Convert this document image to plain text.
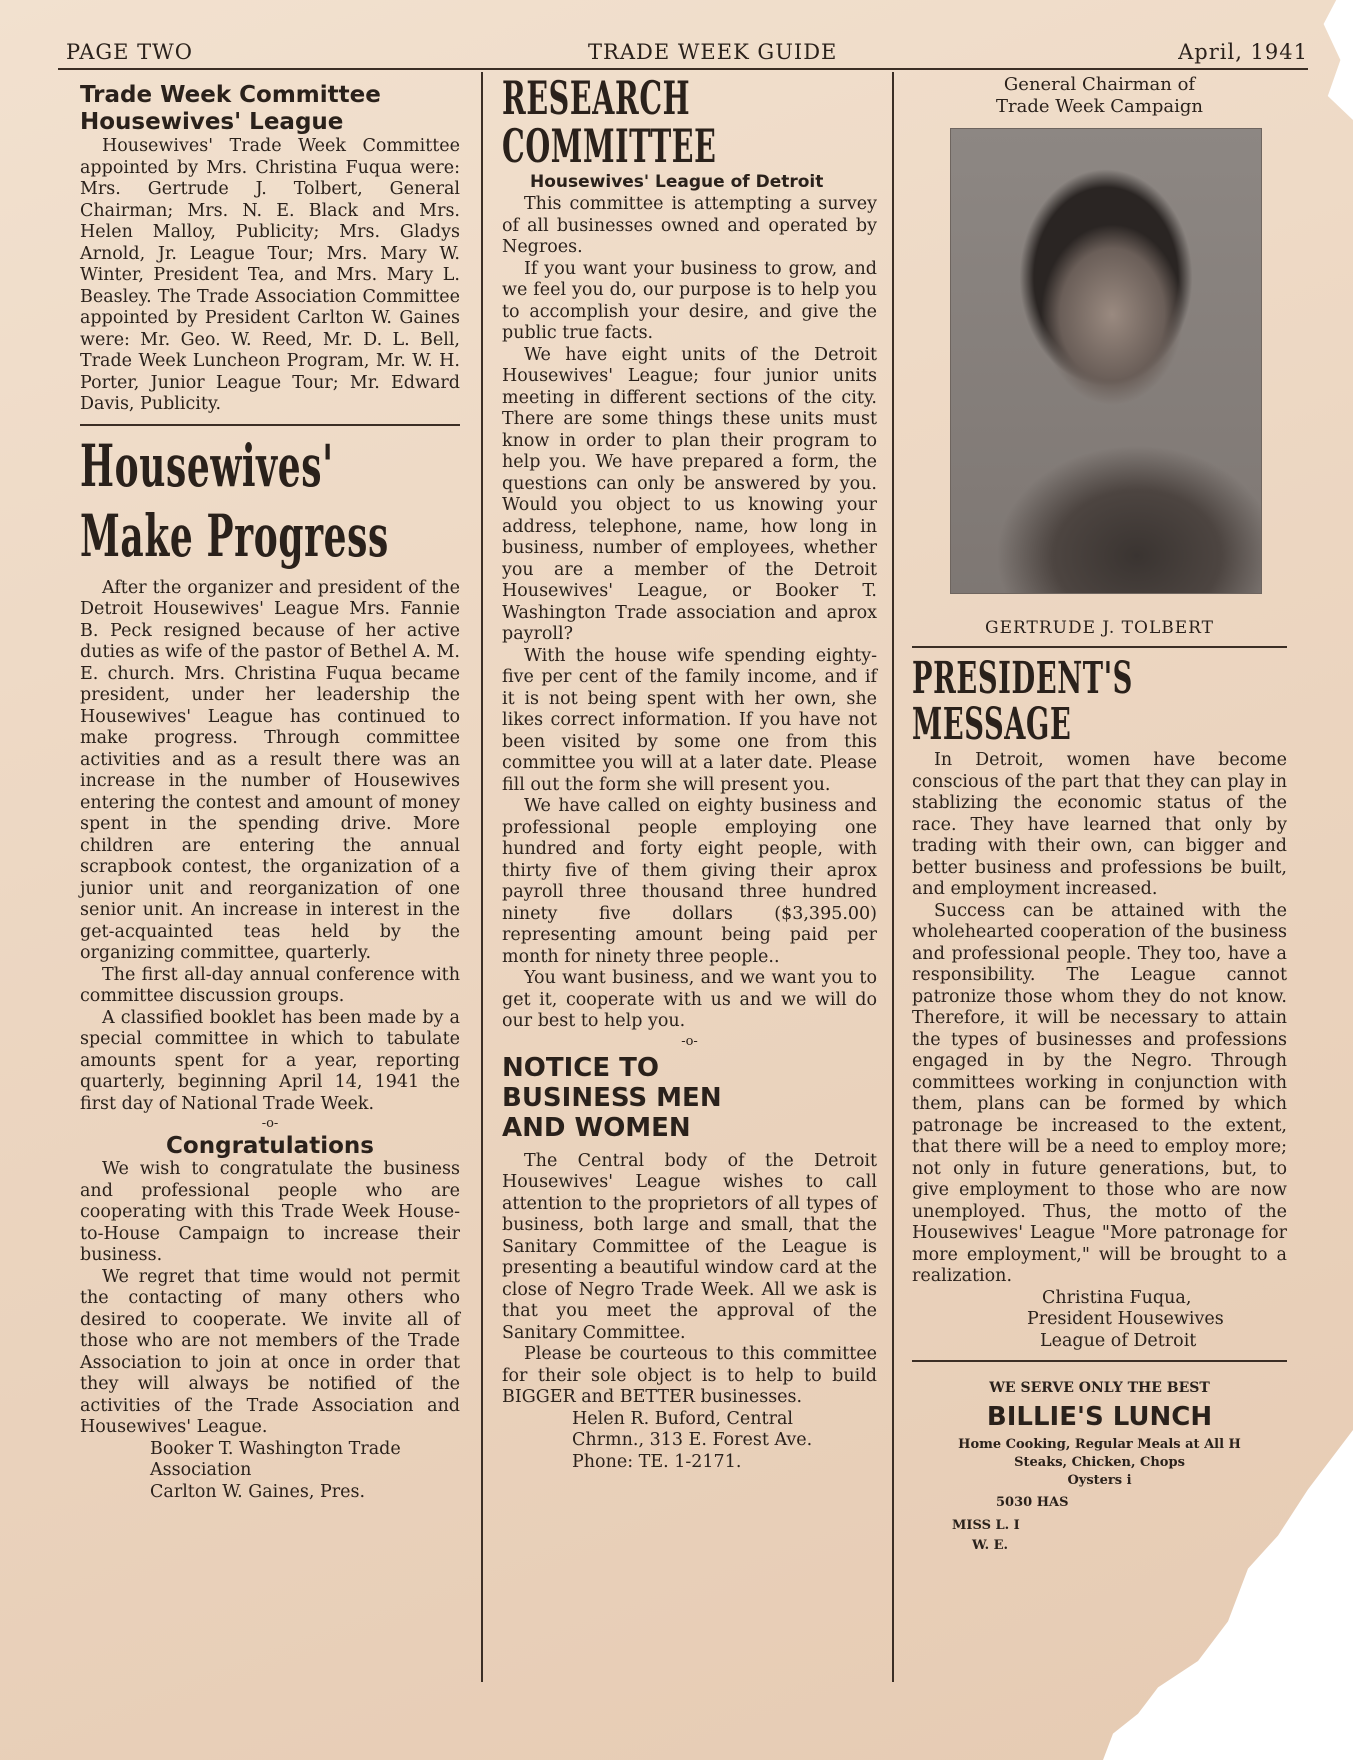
PAGE TWO	TRADE WEEK GUIDE	April, 1941
Trade Week Committee
Housewives' League

Housewives' Trade Week Committee appointed by Mrs. Christina Fuqua were: Mrs. Gertrude J. Tolbert, General Chairman; Mrs. N. E. Black and Mrs. Helen Malloy, Publicity; Mrs. Gladys Arnold, Jr. League Tour; Mrs. Mary W. Winter, President Tea, and Mrs. Mary L. Beasley. The Trade Association Committee appointed by President Carlton W. Gaines were: Mr. Geo. W. Reed, Mr. D. L. Bell, Trade Week Luncheon Program, Mr. W. H. Porter, Junior League Tour; Mr. Edward Davis, Publicity.

Housewives'
Make Progress

After the organizer and president of the Detroit Housewives' League Mrs. Fannie B. Peck resigned because of her active duties as wife of the pastor of Bethel A. M. E. church. Mrs. Christina Fuqua became president, under her leadership the Housewives' League has continued to make progress. Through committee activities and as a result there was an increase in the number of Housewives entering the contest and amount of money spent in the spending drive. More children are entering the annual scrapbook contest, the organization of a junior unit and reorganization of one senior unit. An increase in interest in the get-acquainted teas held by the organizing committee, quarterly.

The first all-day annual conference with committee discussion groups.

A classified booklet has been made by a special committee in which to tabulate amounts spent for a year, reporting quarterly, beginning April 14, 1941 the first day of National Trade Week.

-o-
Congratulations

We wish to congratulate the business and professional people who are cooperating with this Trade Week House-to-House Campaign to increase their business.

We regret that time would not permit the contacting of many others who desired to cooperate. We invite all of those who are not members of the Trade Association to join at once in order that they will always be notified of the activities of the Trade Association and Housewives' League.

Booker T. Washington Trade
Association
Carlton W. Gaines, Pres.
RESEARCH
COMMITTEE
Housewives' League of Detroit

This committee is attempting a survey of all businesses owned and operated by Negroes.

If you want your business to grow, and we feel you do, our purpose is to help you to accomplish your desire, and give the public true facts.

We have eight units of the Detroit Housewives' League; four junior units meeting in different sections of the city. There are some things these units must know in order to plan their program to help you. We have prepared a form, the questions can only be answered by you. Would you object to us knowing your address, telephone, name, how long in business, number of employees, whether you are a member of the Detroit Housewives' League, or Booker T. Washington Trade association and aprox payroll?

With the house wife spending eighty-five per cent of the family income, and if it is not being spent with her own, she likes correct information. If you have not been visited by some one from this committee you will at a later date. Please fill out the form she will present you.

We have called on eighty business and professional people employing one hundred and forty eight people, with thirty five of them giving their aprox payroll three thousand three hundred ninety five dollars ($3,395.00) representing amount being paid per month for ninety three people..

You want business, and we want you to get it, cooperate with us and we will do our best to help you.

-o-
NOTICE TO
BUSINESS MEN
AND WOMEN

The Central body of the Detroit Housewives' League wishes to call attention to the proprietors of all types of business, both large and small, that the Sanitary Committee of the League is presenting a beautiful window card at the close of Negro Trade Week. All we ask is that you meet the approval of the Sanitary Committee.

Please be courteous to this committee for their sole object is to help to build BIGGER and BETTER businesses.

Helen R. Buford, Central
Chrmn., 313 E. Forest Ave.
Phone: TE. 1-2171.
General Chairman of
Trade Week Campaign
GERTRUDE J. TOLBERT
PRESIDENT'S
MESSAGE

In Detroit, women have become conscious of the part that they can play in stablizing the economic status of the race. They have learned that only by trading with their own, can bigger and better business and professions be built, and employment increased.

Success can be attained with the wholehearted cooperation of the business and professional people. They too, have a responsibility. The League cannot patronize those whom they do not know. Therefore, it will be necessary to attain the types of businesses and professions engaged in by the Negro. Through committees working in conjunction with them, plans can be formed by which patronage be increased to the extent, that there will be a need to employ more; not only in future generations, but, to give employment to those who are now unemployed. Thus, the motto of the Housewives' League "More patronage for more employment," will be brought to a realization.

Christina Fuqua,
President Housewives
League of Detroit
WE SERVE ONLY THE BEST
BILLIE'S LUNCH
Home Cooking, Regular Meals at All H
Steaks, Chicken, Chops
Oysters i
5030 HAS
MISS L. I
W. E.
